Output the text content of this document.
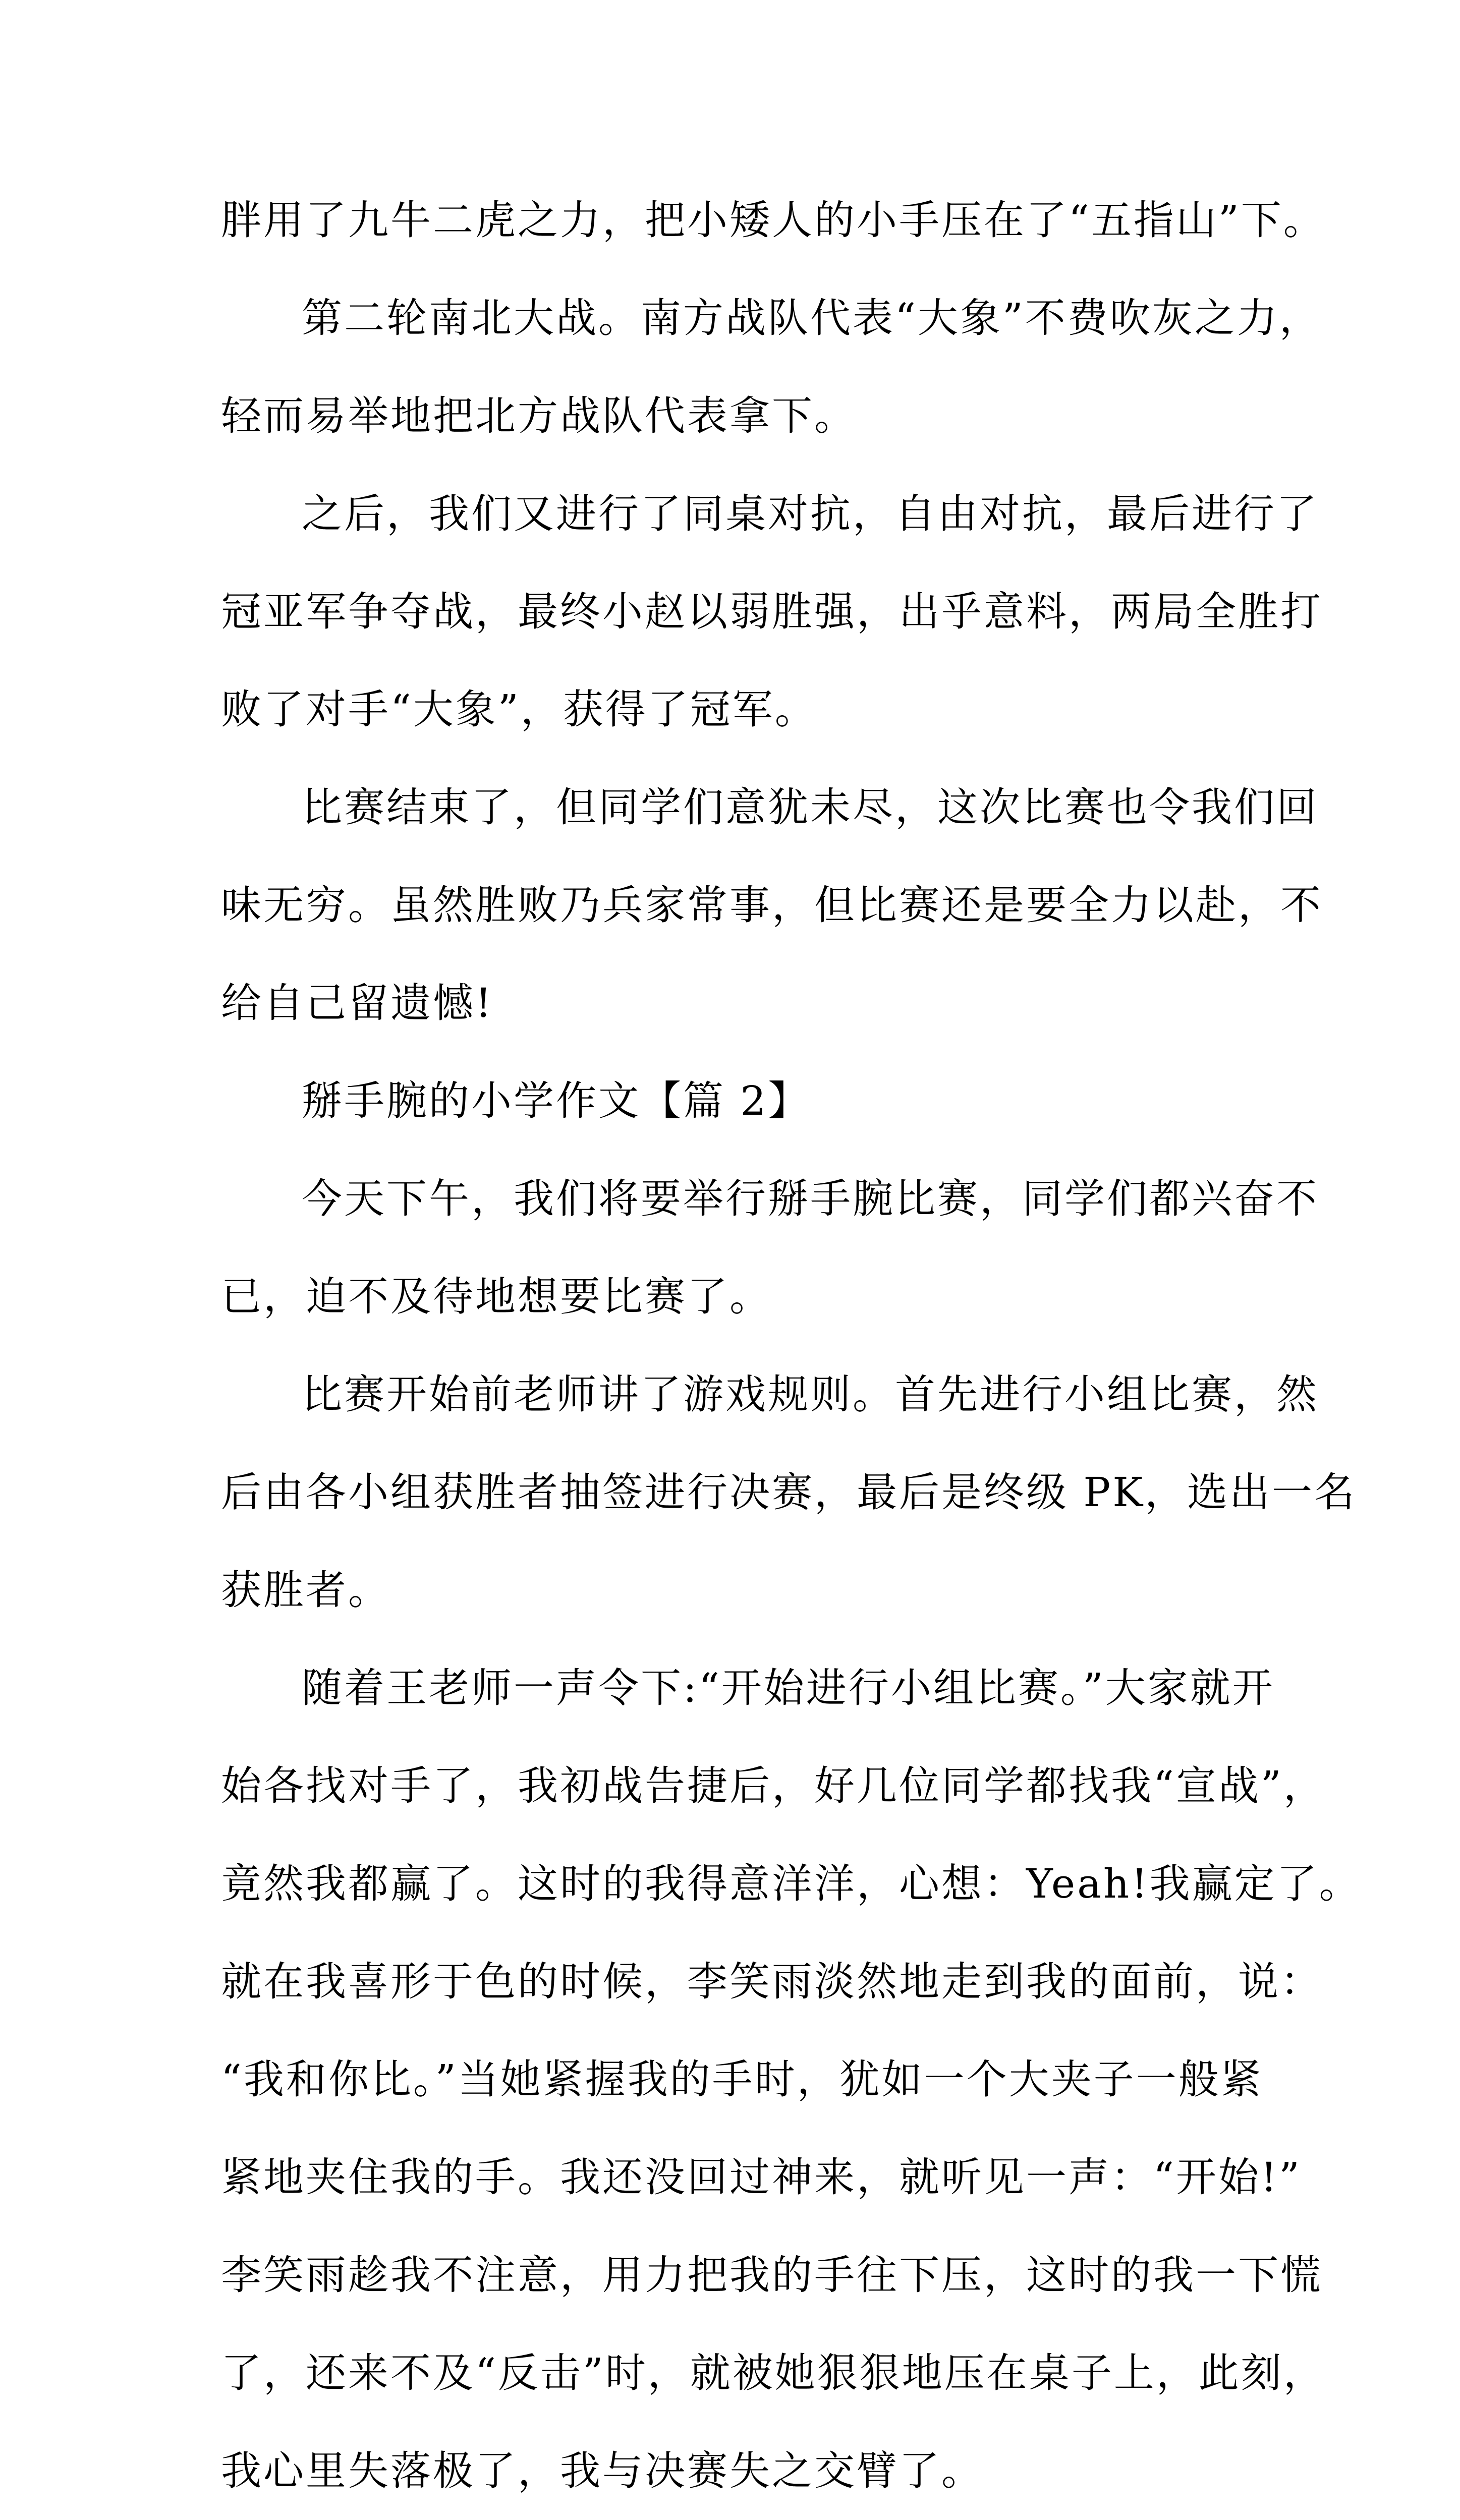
胖用了九牛二虎之力，把小矮人的小手压在了“五指山”下。
第二轮南北大战。南方战队代表“大象”不费吹灰之力，
轻而易举地把北方战队代表拿下。
之后，我们又进行了同桌对抗，自由对抗，最后进行了
冠亚军争夺战，最终小赵以弱胜强，出乎意料，两局全胜打
败了对手“大象”，获得了冠军。
比赛结束了，但同学们意犹未尽，这次比赛也令我们回
味无穷。虽然胜败乃兵家常事，但比赛还是要全力以赴，不
给自己留遗憾!
掰手腕的小学作文【篇 2】
今天下午，我们将要举行掰手腕比赛，同学们都兴奋不
已，迫不及待地想要比赛了。
比赛开始前老师讲了游戏规则。首先进行小组比赛，然
后由各小组获胜者抽签进行决赛，最后是终级 PK，选出一名
获胜者。
随着王老师一声令下:“开始进行小组比赛。”大家就开
始各找对手了，我初战告捷后，好几位同学都找我“宣战”，
竟然我都赢了。这时的我得意洋洋，心想：Yeah!我赢定了。
就在我喜形于色的时候，李笑雨淡然地走到我的面前，说：
“我和你比。”当她紧握我的手时，犹如一个大夹子一般紧
紧地夹住我的手。我还没回过神来，就听见一声：“开始!”
李笑雨趁我不注意，用力把我的手往下压，这时的我一下慌
了，还来不及“反击”时，就被她狠狠地压在桌子上，此刻，
我心里失落极了，我与决赛失之交臂了。
